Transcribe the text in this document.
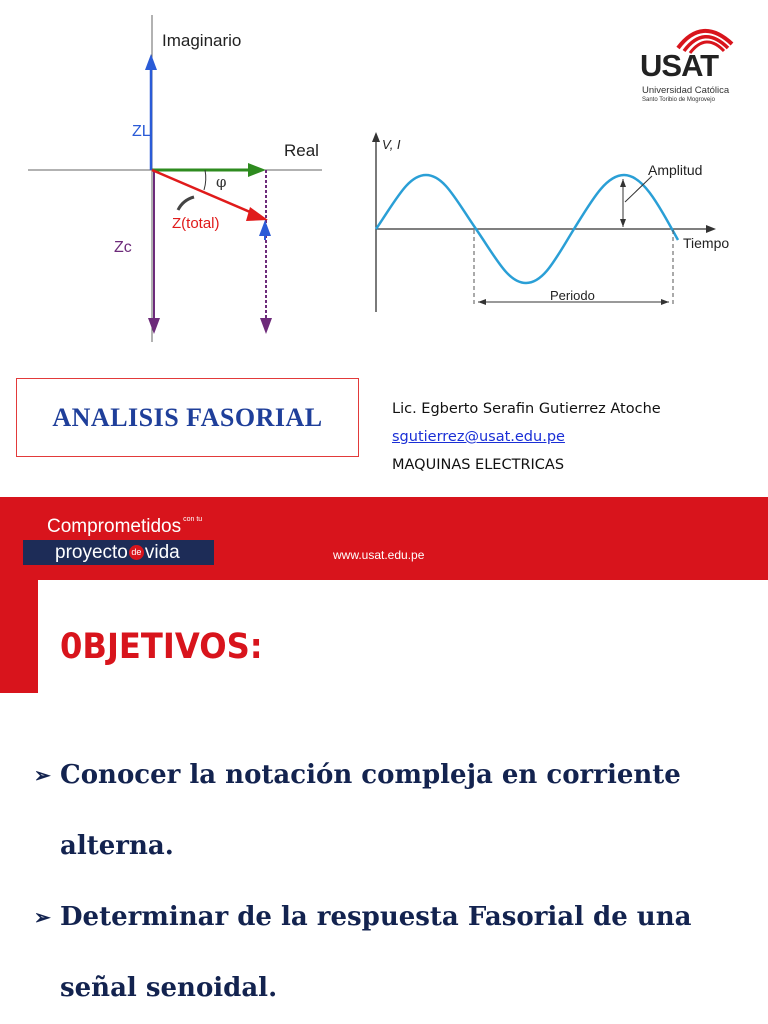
Imaginario
Real
ZL
Zc
φ
Z(total)
V, I
Amplitud
Tiempo
Periodo
USAT
Universidad Católica
Santo Toribio de Mogrovejo
ANALISIS FASORIAL	Lic. Egberto Serafin Gutierrez Atoche
sgutierrez@usat.edu.pe
MAQUINAS ELECTRICAS
Comprometidos con tu
proyecto de vida	www.usat.edu.pe
0BJETIVOS:
➢ Conocer la notación compleja en corriente
alterna.
➢ Determinar de la respuesta Fasorial de una
señal senoidal.
